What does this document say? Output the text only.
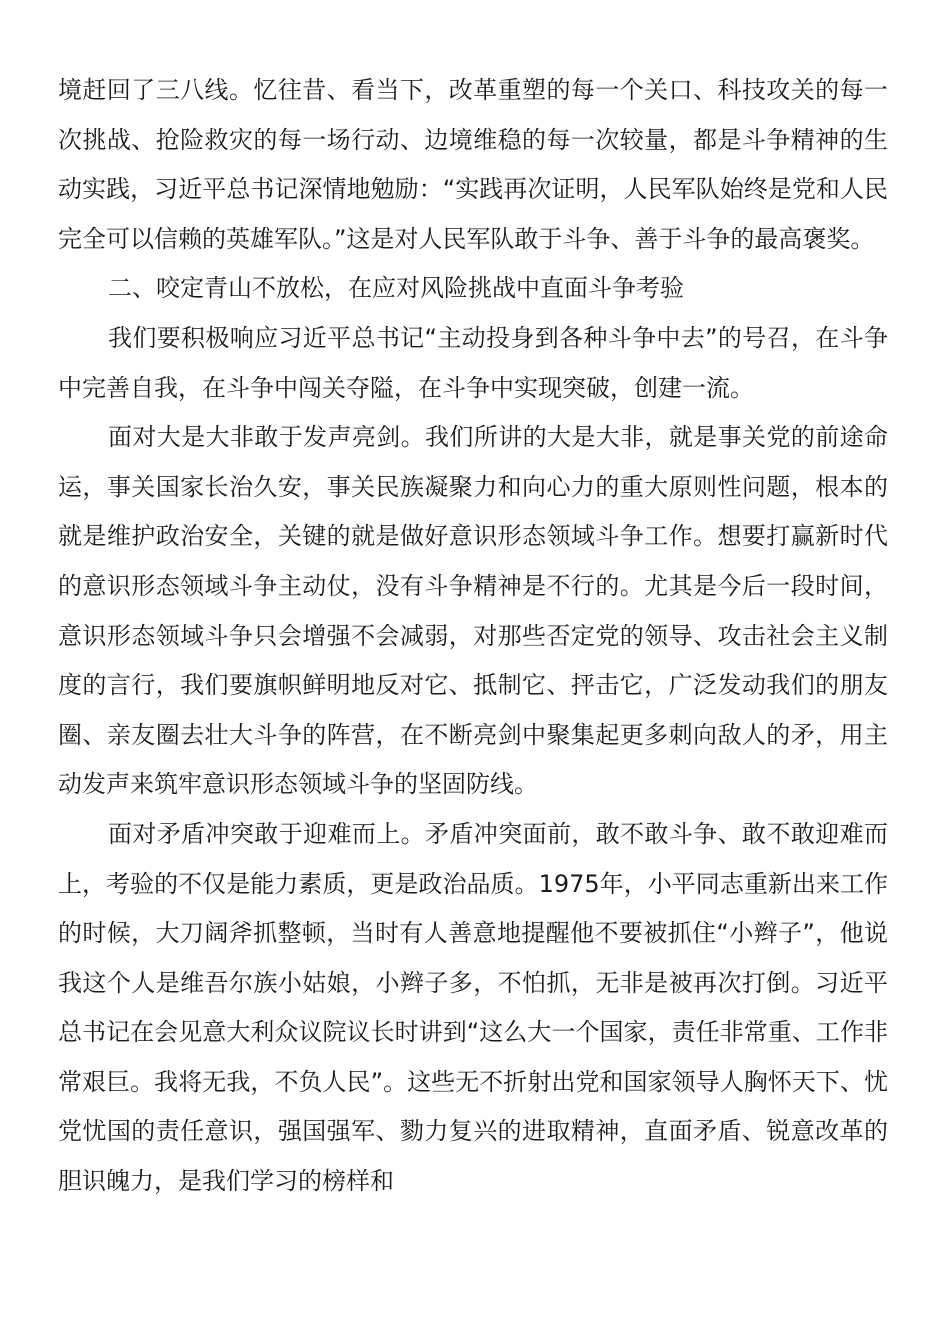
境赶回了三八线。忆往昔、看当下，改革重塑的每一个关口、科技攻关的每一次挑战、抢险救灾的每一场行动、边境维稳的每一次较量，都是斗争精神的生动实践，习近平总书记深情地勉励：“实践再次证明，人民军队始终是党和人民完全可以信赖的英雄军队。”这是对人民军队敢于斗争、善于斗争的最高褒奖。

二、咬定青山不放松，在应对风险挑战中直面斗争考验

我们要积极响应习近平总书记“主动投身到各种斗争中去”的号召，在斗争中完善自我，在斗争中闯关夺隘，在斗争中实现突破，创建一流。

面对大是大非敢于发声亮剑。我们所讲的大是大非，就是事关党的前途命运，事关国家长治久安，事关民族凝聚力和向心力的重大原则性问题，根本的就是维护政治安全，关键的就是做好意识形态领域斗争工作。想要打赢新时代的意识形态领域斗争主动仗，没有斗争精神是不行的。尤其是今后一段时间，意识形态领域斗争只会增强不会减弱，对那些否定党的领导、攻击社会主义制度的言行，我们要旗帜鲜明地反对它、抵制它、抨击它，广泛发动我们的朋友圈、亲友圈去壮大斗争的阵营，在不断亮剑中聚集起更多刺向敌人的矛，用主动发声来筑牢意识形态领域斗争的坚固防线。

面对矛盾冲突敢于迎难而上。矛盾冲突面前，敢不敢斗争、敢不敢迎难而上，考验的不仅是能力素质，更是政治品质。1975年，小平同志重新出来工作的时候，大刀阔斧抓整顿，当时有人善意地提醒他不要被抓住“小辫子”，他说我这个人是维吾尔族小姑娘，小辫子多，不怕抓，无非是被再次打倒。习近平总书记在会见意大利众议院议长时讲到“这么大一个国家，责任非常重、工作非常艰巨。我将无我，不负人民”。这些无不折射出党和国家领导人胸怀天下、忧党忧国的责任意识，强国强军、勠力复兴的进取精神，直面矛盾、锐意改革的胆识魄力，是我们学习的榜样和
